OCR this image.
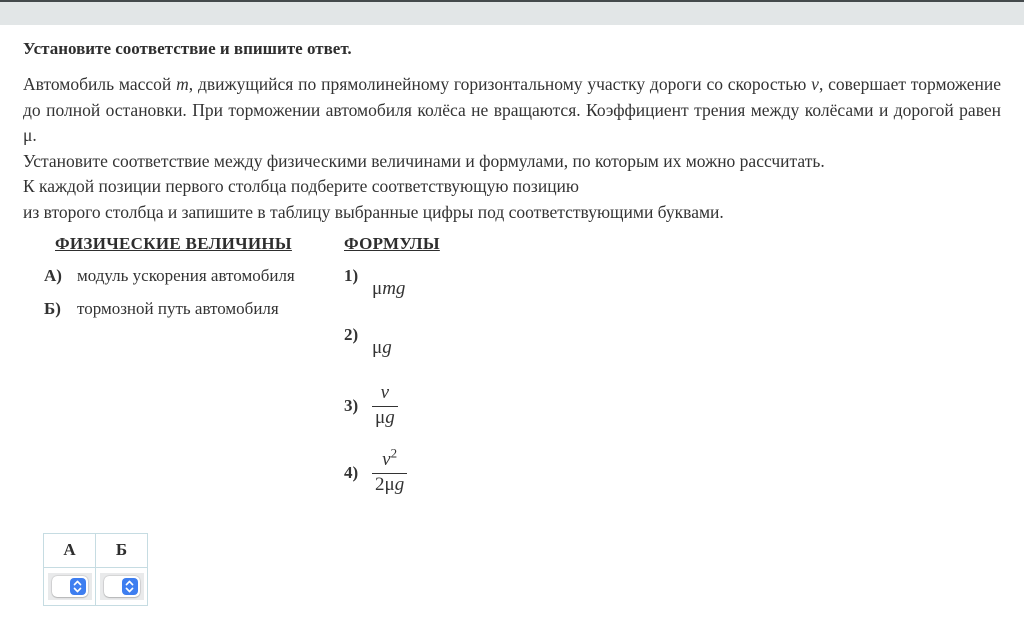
Установите соответствие и впишите ответ.

Автомобиль массой m, движущийся по прямолинейному горизонтальному участку дороги со скоростью v, совершает торможение до полной остановки. При торможении автомобиля колёса не вращаются. Коэффициент трения между колёсами и дорогой равен μ.

Установите соответствие между физическими величинами и формулами, по которым их можно рассчитать.
К каждой позиции первого столбца подберите соответствующую позицию
из второго столбца и запишите в таблицу выбранные цифры под соответствующими буквами.
ФИЗИЧЕСКИЕ ВЕЛИЧИНЫ
А) модуль ускорения автомобиля
Б) тормозной путь автомобиля
ФОРМУЛЫ
1)
μmg
2)
μg
$3) \frac{v}{\mu g}$
$4) \frac{v^2}{2\mu g}$
А	Б
